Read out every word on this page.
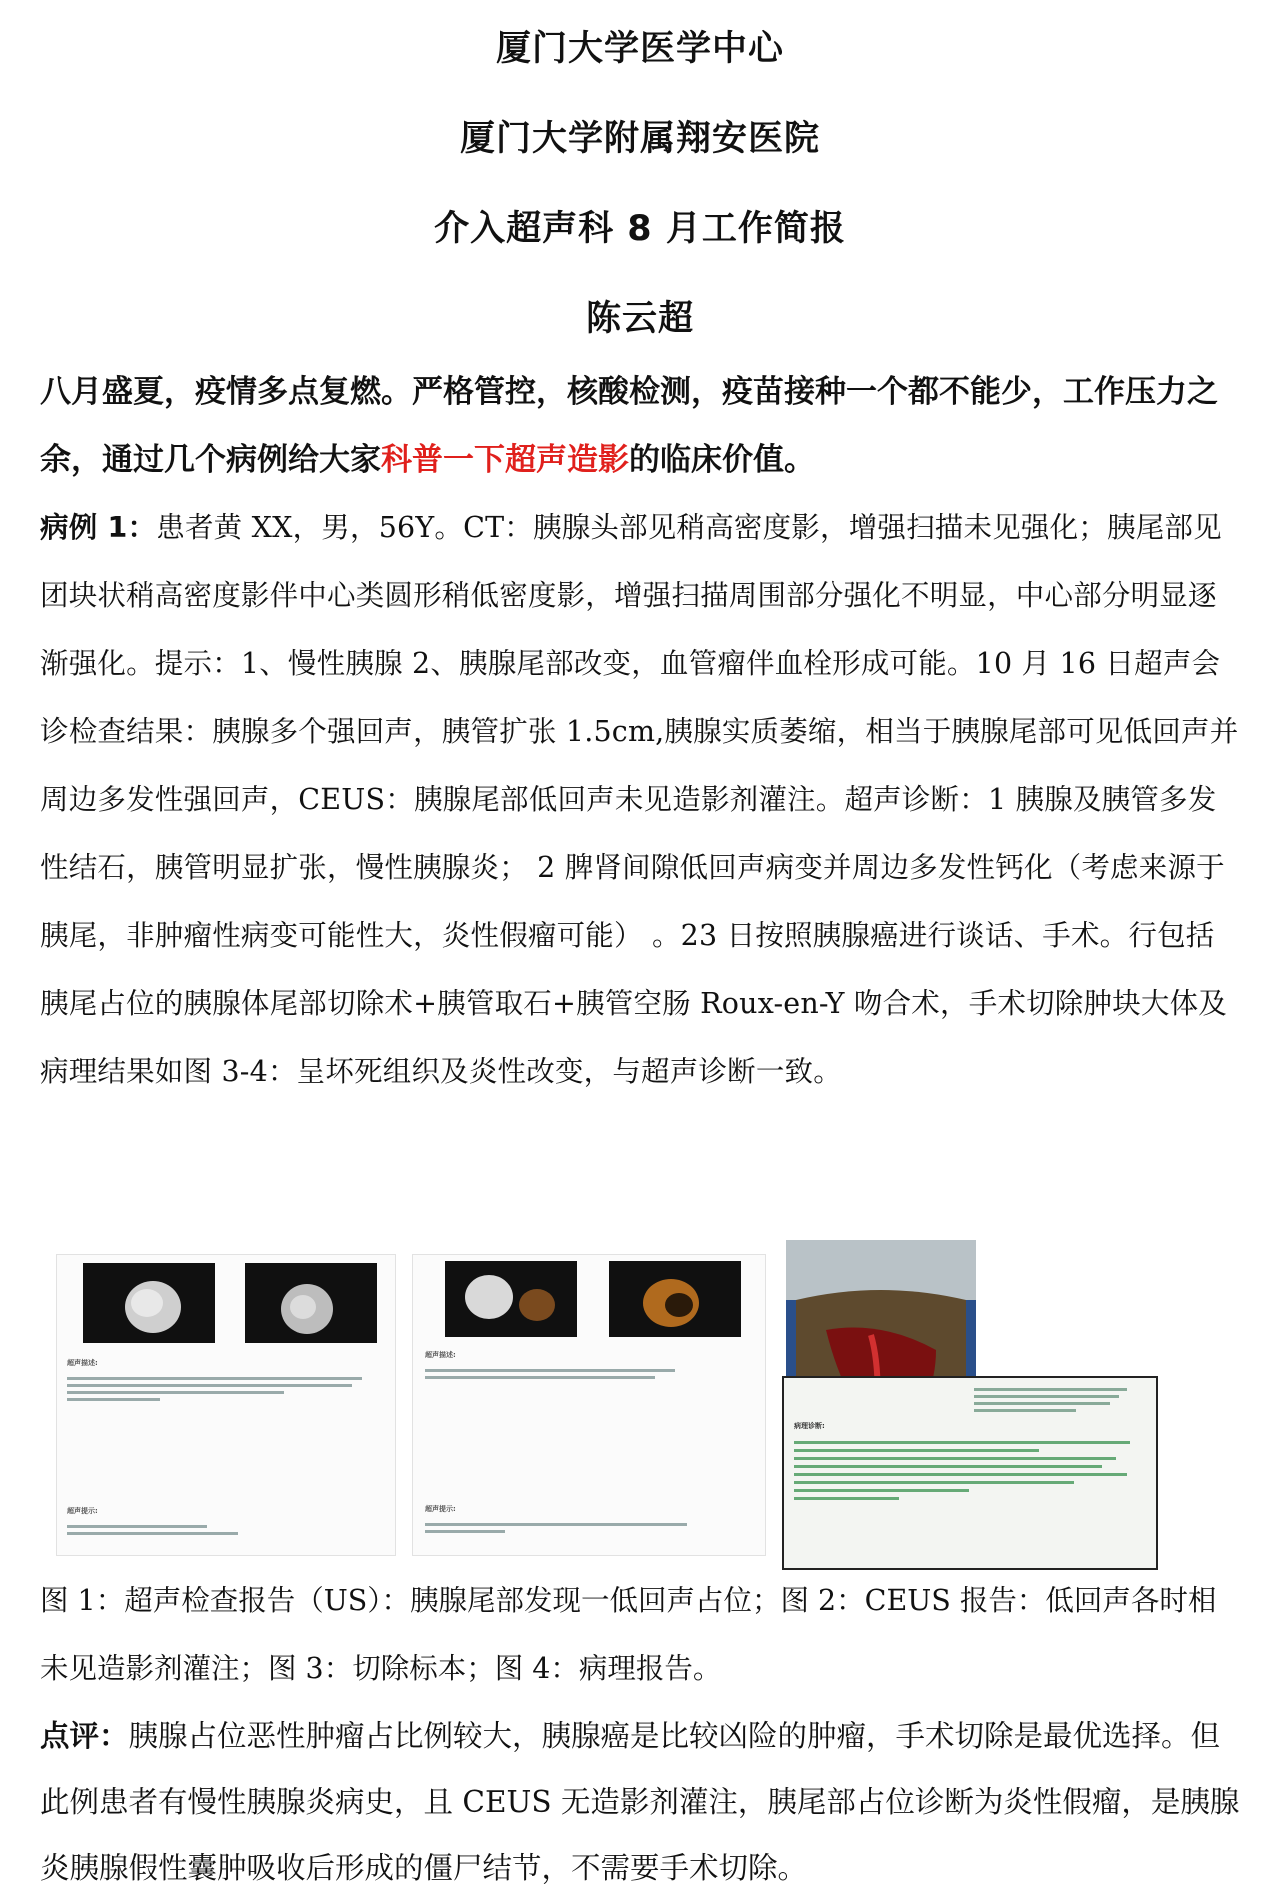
厦门大学医学中心
厦门大学附属翔安医院
介入超声科 8 月工作简报
陈云超
八月盛夏，疫情多点复燃。严格管控，核酸检测，疫苗接种一个都不能少，工作压力之余，通过几个病例给大家科普一下超声造影的临床价值。
病例 1：患者黄 XX，男，56Y。CT：胰腺头部见稍高密度影，增强扫描未见强化；胰尾部见团块状稍高密度影伴中心类圆形稍低密度影，增强扫描周围部分强化不明显，中心部分明显逐渐强化。提示：1、慢性胰腺 2、胰腺尾部改变，血管瘤伴血栓形成可能。10 月 16 日超声会诊检查结果：胰腺多个强回声，胰管扩张 1.5cm,胰腺实质萎缩，相当于胰腺尾部可见低回声并周边多发性强回声，CEUS：胰腺尾部低回声未见造影剂灌注。超声诊断：1 胰腺及胰管多发性结石，胰管明显扩张，慢性胰腺炎； 2 脾肾间隙低回声病变并周边多发性钙化（考虑来源于胰尾，非肿瘤性病变可能性大，炎性假瘤可能） 。23 日按照胰腺癌进行谈话、手术。行包括胰尾占位的胰腺体尾部切除术+胰管取石+胰管空肠 Roux-en-Y 吻合术，手术切除肿块大体及病理结果如图 3-4：呈坏死组织及炎性改变，与超声诊断一致。
超声描述:
超声提示:
超声描述:
超声提示:
病理诊断:
图 1：超声检查报告（US）：胰腺尾部发现一低回声占位；图 2：CEUS 报告：低回声各时相未见造影剂灌注；图 3：切除标本；图 4：病理报告。
点评：胰腺占位恶性肿瘤占比例较大，胰腺癌是比较凶险的肿瘤，手术切除是最优选择。但此例患者有慢性胰腺炎病史，且 CEUS 无造影剂灌注，胰尾部占位诊断为炎性假瘤，是胰腺炎胰腺假性囊肿吸收后形成的僵尸结节，不需要手术切除。
